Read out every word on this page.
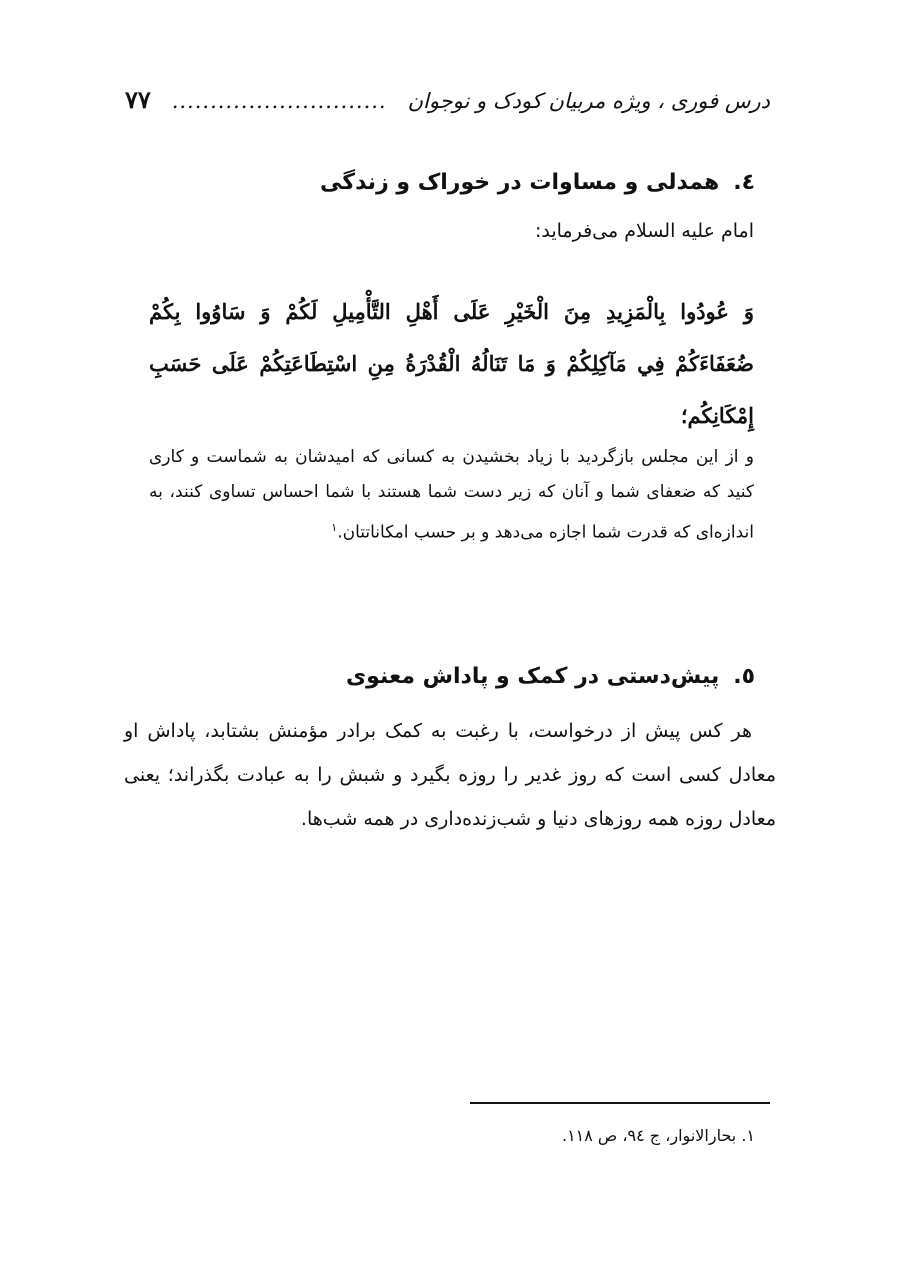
درس فوری ، ویژه مربیان کودک و نوجوان
............................
۷۷
٤.همدلی و مساوات در خوراک و زندگی
امام علیه السلام می‌فرماید:
وَ عُودُوا بِالْمَزِيدِ مِنَ الْخَيْرِ عَلَى أَهْلِ التَّأْمِيلِ لَكُمْ وَ سَاوُوا بِكُمْ ضُعَفَاءَكُمْ فِي مَآكِلِكُمْ وَ مَا تَنَالُهُ الْقُدْرَةُ مِنِ اسْتِطَاعَتِكُمْ عَلَى حَسَبِ إِمْكَانِكُم؛
و از این مجلس بازگردید با زیاد بخشیدن به کسانی که امیدشان به شماست و کاری کنید که ضعفای شما و آنان که زیر دست شما هستند با شما احساس تساوی کنند، به اندازه‌ای که قدرت شما اجازه می‌دهد و بر حسب امکاناتتان.$^۱$
٥.پیش‌دستی در کمک و پاداش معنوی
هر کس پیش از درخواست، با رغبت به کمک برادر مؤمنش بشتابد، پاداش او معادل کسی است که روز غدیر را روزه بگیرد و شبش را به عبادت بگذراند؛ یعنی معادل روزه همه روزهای دنیا و شب‌زنده‌داری در همه شب‌ها.
۱. بحارالانوار، ج ۹٤، ص ۱۱۸.
